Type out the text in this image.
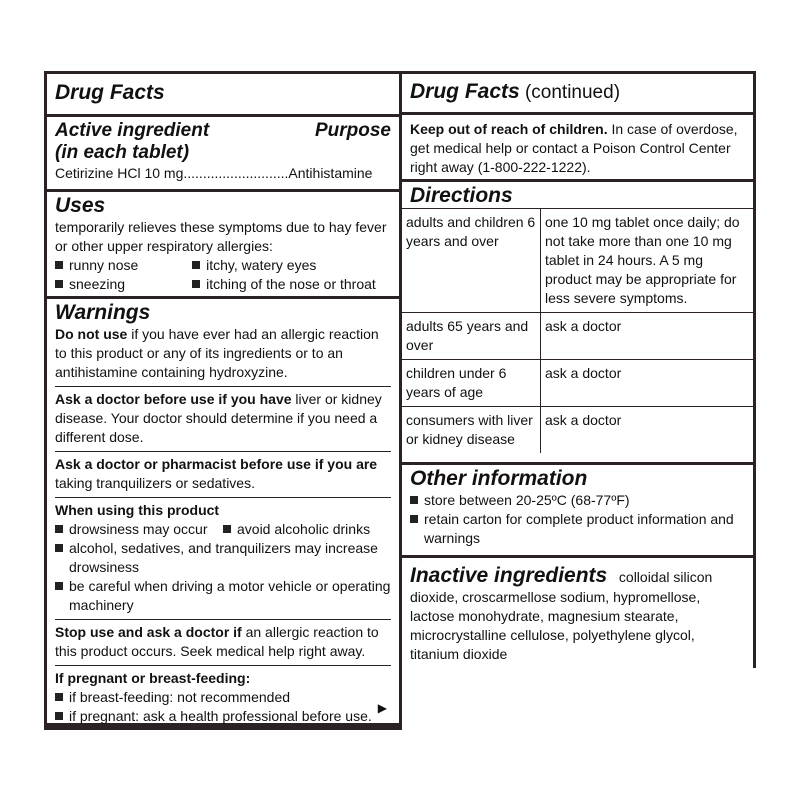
Drug Facts
Active ingredient
(in each tablet)
Purpose
Cetirizine HCl 10 mg...........................Antihistamine
Uses
temporarily relieves these symptoms due to hay fever or other upper respiratory allergies:
runny nose
sneezing
itchy, watery eyes
itching of the nose or throat
Warnings
Do not use if you have ever had an allergic reaction to this product or any of its ingredients or to an antihistamine containing hydroxyzine.
Ask a doctor before use if you have liver or kidney disease. Your doctor should determine if you need a different dose.
Ask a doctor or pharmacist before use if you are taking tranquilizers or sedatives.
When using this product
drowsiness may occur	avoid alcoholic drinks
alcohol, sedatives, and tranquilizers may increase drowsiness
be careful when driving a motor vehicle or operating machinery
Stop use and ask a doctor if an allergic reaction to this product occurs. Seek medical help right away.
If pregnant or breast-feeding:
if breast-feeding: not recommended
if pregnant: ask a health professional before use. ▶
Drug Facts (continued)
Keep out of reach of children. In case of overdose, get medical help or contact a Poison Control Center right away (1-800-222-1222).
Directions
adults and children 6 years and over	one 10 mg tablet once daily; do not take more than one 10 mg tablet in 24 hours. A 5 mg product may be appropriate for less severe symptoms.
adults 65 years and over	ask a doctor
children under 6 years of age	ask a doctor
consumers with liver or kidney disease	ask a doctor
Other information
store between 20-25ºC (68-77ºF)
retain carton for complete product information and warnings
Inactive ingredients colloidal silicon dioxide, croscarmellose sodium, hypromellose, lactose monohydrate, magnesium stearate, microcrystalline cellulose, polyethylene glycol, titanium dioxide
